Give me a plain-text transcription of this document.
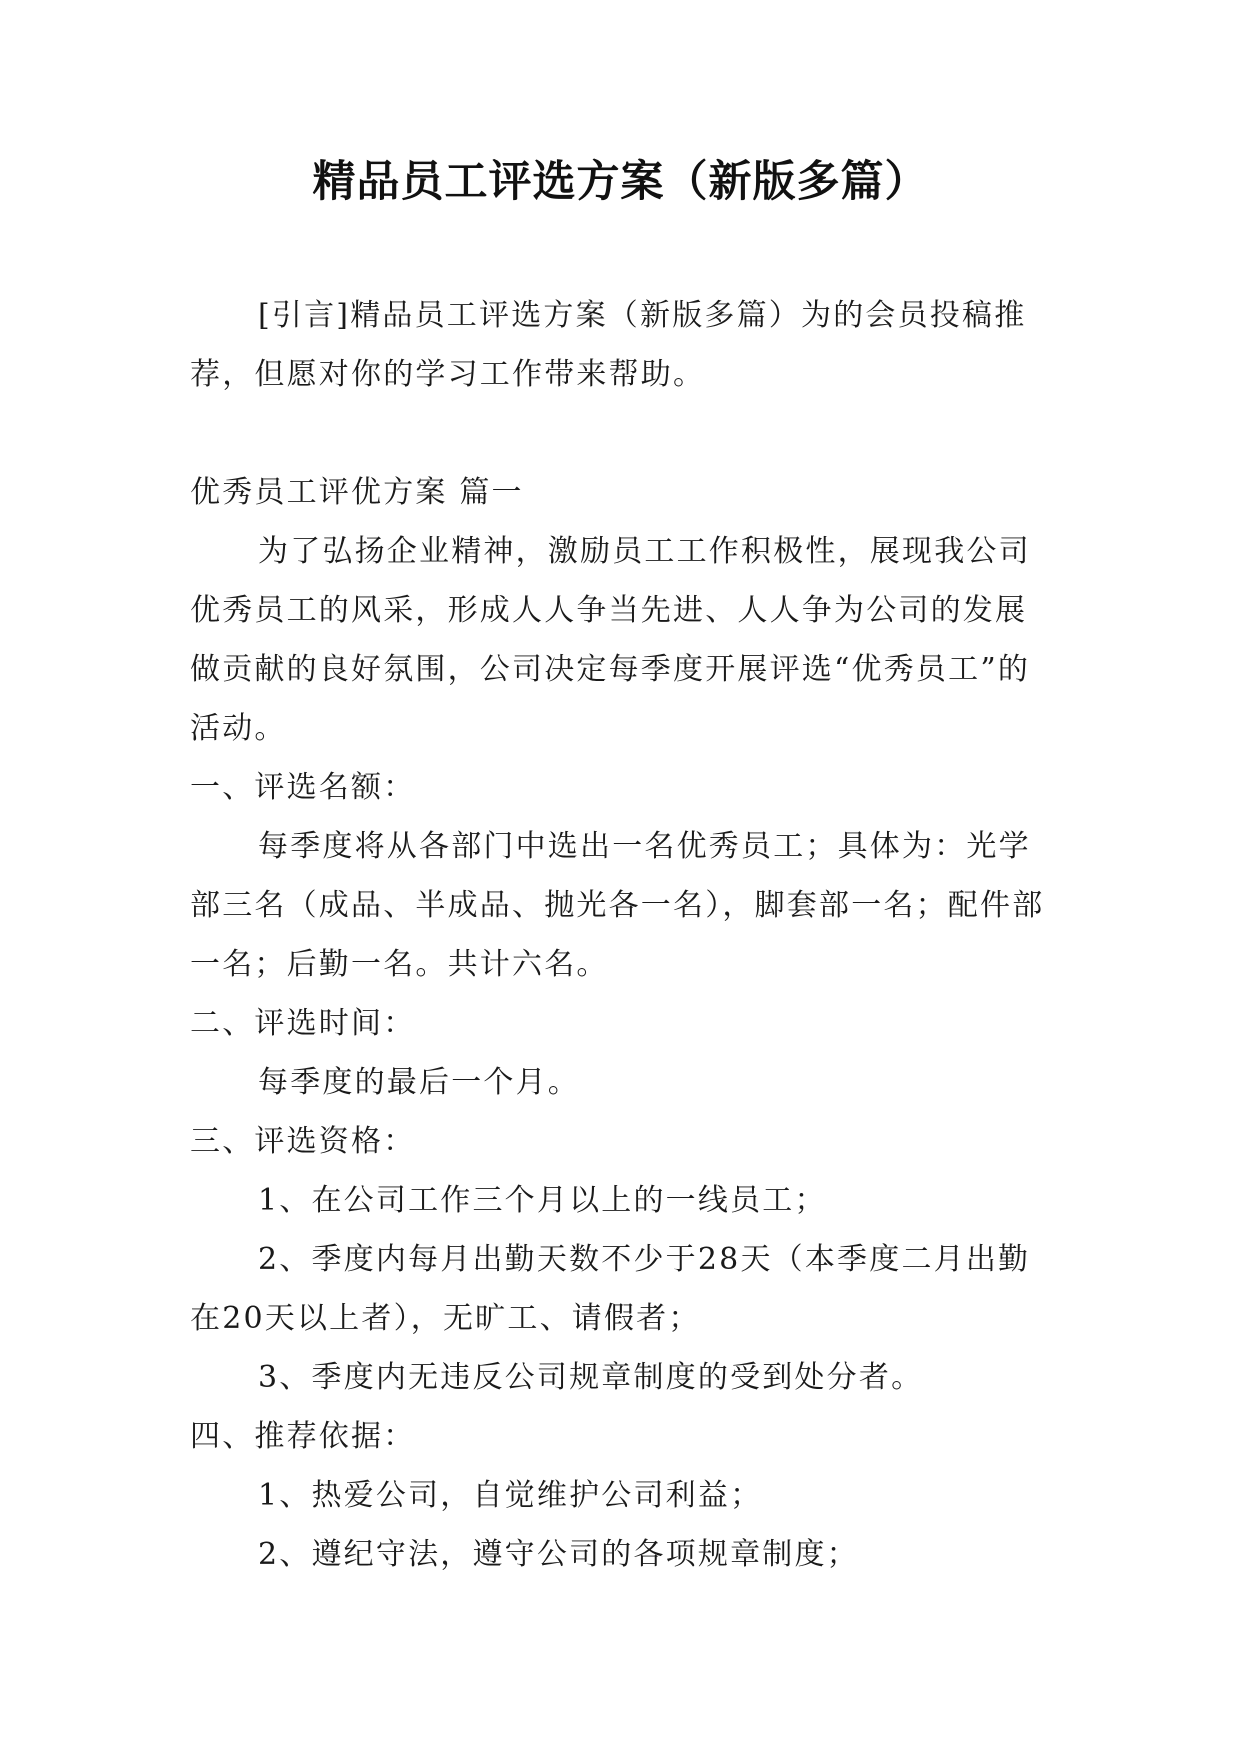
精品员工评选方案（新版多篇）

[引言]精品员工评选方案（新版多篇）为的会员投稿推荐，但愿对你的学习工作带来帮助。

优秀员工评优方案 篇一

为了弘扬企业精神，激励员工工作积极性，展现我公司优秀员工的风采，形成人人争当先进、人人争为公司的发展做贡献的良好氛围，公司决定每季度开展评选“优秀员工”的活动。

一、评选名额：

每季度将从各部门中选出一名优秀员工；具体为：光学部三名（成品、半成品、抛光各一名），脚套部一名；配件部一名；后勤一名。共计六名。

二、评选时间：

每季度的最后一个月。

三、评选资格：

1、在公司工作三个月以上的一线员工；

2、季度内每月出勤天数不少于28天（本季度二月出勤在20天以上者），无旷工、请假者；

3、季度内无违反公司规章制度的受到处分者。

四、推荐依据：

1、热爱公司，自觉维护公司利益；

2、遵纪守法，遵守公司的各项规章制度；
